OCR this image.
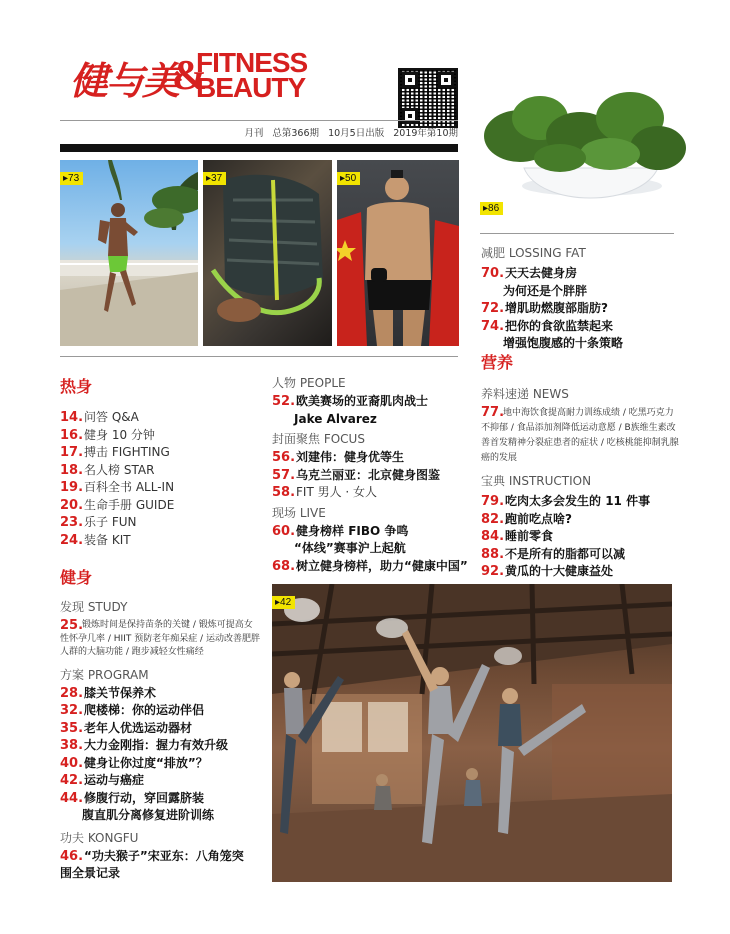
健与美
&
FITNESS
BEAUTY
月刊 总第366期 10月5日出版 2019年第10期
▸73	▸37	▸50
▸86
热身
14.问答 Q&A
16.健身 10 分钟
17.搏击 FIGHTING
18.名人榜 STAR
19.百科全书 ALL-IN
20.生命手册 GUIDE
23.乐子 FUN
24.装备 KIT
健身
发现 STUDY
25.
锻炼时间是保持苗条的关键 / 锻炼可提高女性怀孕几率 / HIIT 预防老年痴呆症 / 运动改善肥胖人群的大脑功能 / 跑步减轻女性痛经
方案 PROGRAM
28.膝关节保养术
32.爬楼梯：你的运动伴侣
35.老年人优选运动器材
38.大力金刚指：握力有效升级
40.健身让你过度“排放”？
42.运动与癌症
44.修腹行动，穿回露脐装
腹直肌分离修复进阶训练
功夫 KONGFU
46.“功夫猴子”宋亚东：八角笼突
围全景记录
人物 PEOPLE
52.欧美赛场的亚裔肌肉战士
Jake Alvarez
封面聚焦 FOCUS
56.刘建伟：健身优等生
57.乌克兰丽亚：北京健身图鉴
58.FIT 男人 · 女人
现场 LIVE
60.健身榜样 FIBO 争鸣
“体线”赛事沪上起航
68.树立健身榜样，助力“健康中国”
减肥 LOSSING FAT
70.天天去健身房
为何还是个胖胖
72.增肌助燃腹部脂肪?
74.把你的食欲监禁起来
增强饱腹感的十条策略
营养
养料速递 NEWS
77.
地中海饮食提高耐力训练成绩 / 吃黑巧克力不抑郁 / 食品添加剂降低运动意愿 / B族维生素改善首发精神分裂症患者的症状 / 吃核桃能抑制乳腺癌的发展
宝典 INSTRUCTION
79.吃肉太多会发生的 11 件事
82.跑前吃点啥?
84.睡前零食
88.不是所有的脂都可以减
92.黄瓜的十大健康益处
▸42
